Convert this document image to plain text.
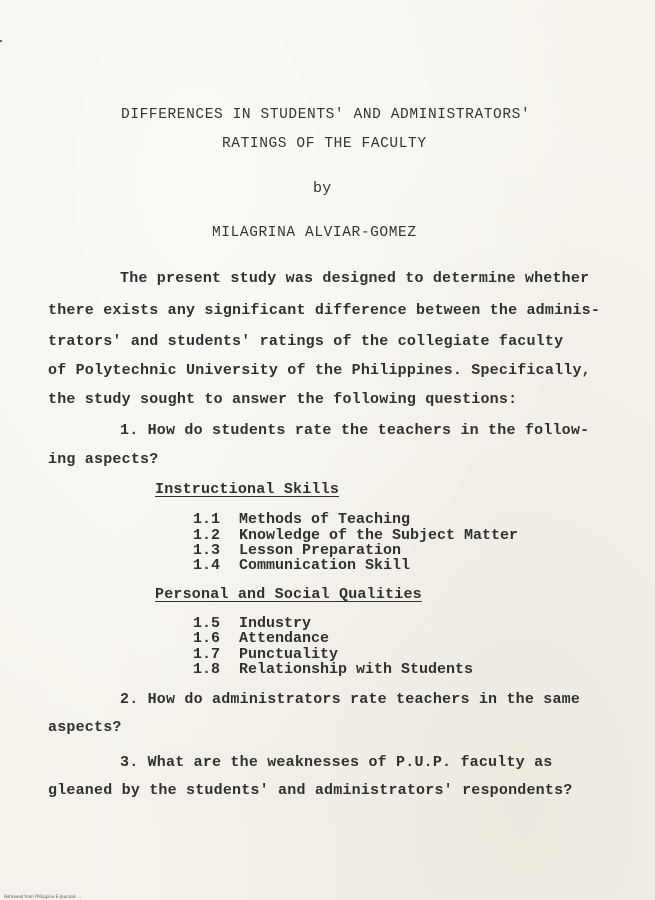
DIFFERENCES IN STUDENTS' AND ADMINISTRATORS'
RATINGS OF THE FACULTY
by
MILAGRINA ALVIAR-GOMEZ
The present study was designed to determine whether
there exists any significant difference between the adminis-
trators' and students' ratings of the collegiate faculty
of Polytechnic University of the Philippines. Specifically,
the study sought to answer the following questions:
1. How do students rate the teachers in the follow-
ing aspects?
Instructional Skills
1.1 Methods of Teaching
1.2 Knowledge of the Subject Matter
1.3 Lesson Preparation
1.4 Communication Skill
Personal and Social Qualities
1.5 Industry
1.6 Attendance
1.7 Punctuality
1.8 Relationship with Students
2. How do administrators rate teachers in the same
aspects?
3. What are the weaknesses of P.U.P. faculty as
gleaned by the students' and administrators' respondents?
Retrieved from Philippine E-Journals ...
